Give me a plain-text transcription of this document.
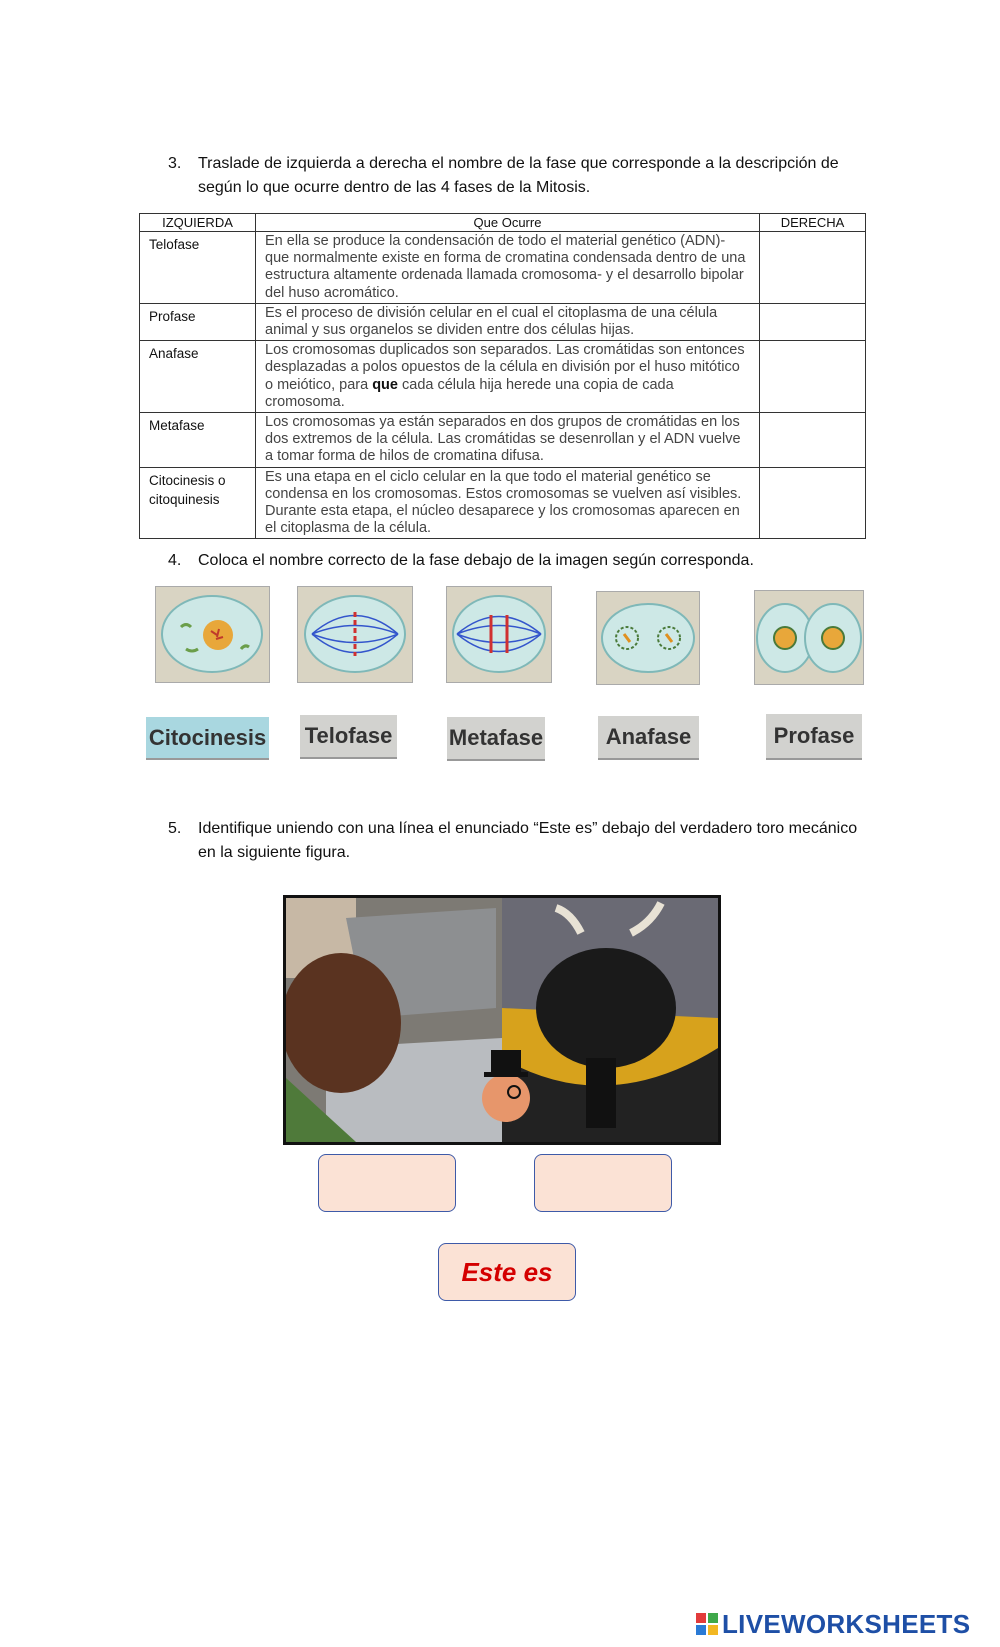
3.	Traslade de izquierda a derecha el nombre de la fase que corresponde a la descripción de según lo que ocurre dentro de las 4 fases de la Mitosis.
IZQUIERDA	Que Ocurre	DERECHA
Telofase	En ella se produce la condensación de todo el material genético (ADN)- que normalmente existe en forma de cromatina condensada dentro de una estructura altamente ordenada llamada cromosoma- y el desarrollo bipolar del huso acromático.	
Profase	Es el proceso de división celular en el cual el citoplasma de una célula animal y sus organelos se dividen entre dos células hijas.	
Anafase	Los cromosomas duplicados son separados. Las cromátidas son entonces desplazadas a polos opuestos de la célula en división por el huso mitótico o meiótico, para que cada célula hija herede una copia de cada cromosoma.	
Metafase	Los cromosomas ya están separados en dos grupos de cromátidas en los dos extremos de la célula. Las cromátidas se desenrollan y el ADN vuelve a tomar forma de hilos de cromatina difusa.	
Citocinesis o citoquinesis	Es una etapa en el ciclo celular en la que todo el material genético se condensa en los cromosomas. Estos cromosomas se vuelven así visibles. Durante esta etapa, el núcleo desaparece y los cromosomas aparecen en el citoplasma de la célula.	
4.	Coloca el nombre correcto de la fase debajo de la imagen según corresponda.
Citocinesis Telofase	Metafase	Anafase	Profase
5.	Identifique uniendo con una línea el enunciado “Este es” debajo del verdadero toro mecánico en la siguiente figura.
Este es
LIVEWORKSHEETS
